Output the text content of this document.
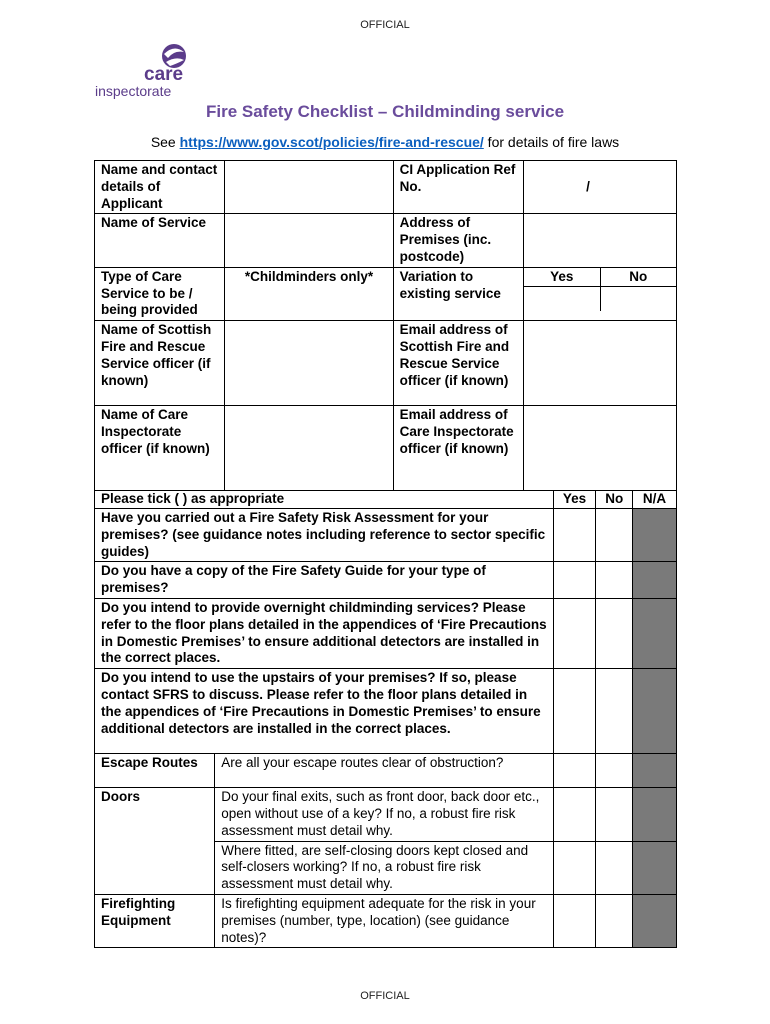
OFFICIAL
care
inspectorate
Fire Safety Checklist – Childminding service
See https://www.gov.scot/policies/fire-and-rescue/ for details of fire laws
Name and contact details of Applicant		CI Application Ref No.	/
Name of Service		Address of Premises (inc. postcode)	
Type of Care Service to be / being provided	*Childminders only*	Variation to existing service	
Yes	No

Name of Scottish Fire and Rescue Service officer (if known)		Email address of Scottish Fire and Rescue Service officer (if known)	
Name of Care Inspectorate officer (if known)		Email address of Care Inspectorate officer (if known)	
Please tick ( ) as appropriate	Yes	No	N/A
Have you carried out a Fire Safety Risk Assessment for your premises? (see guidance notes including reference to sector specific guides)			
Do you have a copy of the Fire Safety Guide for your type of premises?			
Do you intend to provide overnight childminding services? Please refer to the floor plans detailed in the appendices of ‘Fire Precautions in Domestic Premises’ to ensure additional detectors are installed in the correct places.			
Do you intend to use the upstairs of your premises? If so, please contact SFRS to discuss. Please refer to the floor plans detailed in the appendices of ‘Fire Precautions in Domestic Premises’ to ensure additional detectors are installed in the correct places.			
Escape Routes	Are all your escape routes clear of obstruction?			
Doors	Do your final exits, such as front door, back door etc., open without use of a key? If no, a robust fire risk assessment must detail why.			
Where fitted, are self-closing doors kept closed and self-closers working? If no, a robust fire risk assessment must detail why.			
Firefighting Equipment	Is firefighting equipment adequate for the risk in your premises (number, type, location) (see guidance notes)?			
OFFICIAL
